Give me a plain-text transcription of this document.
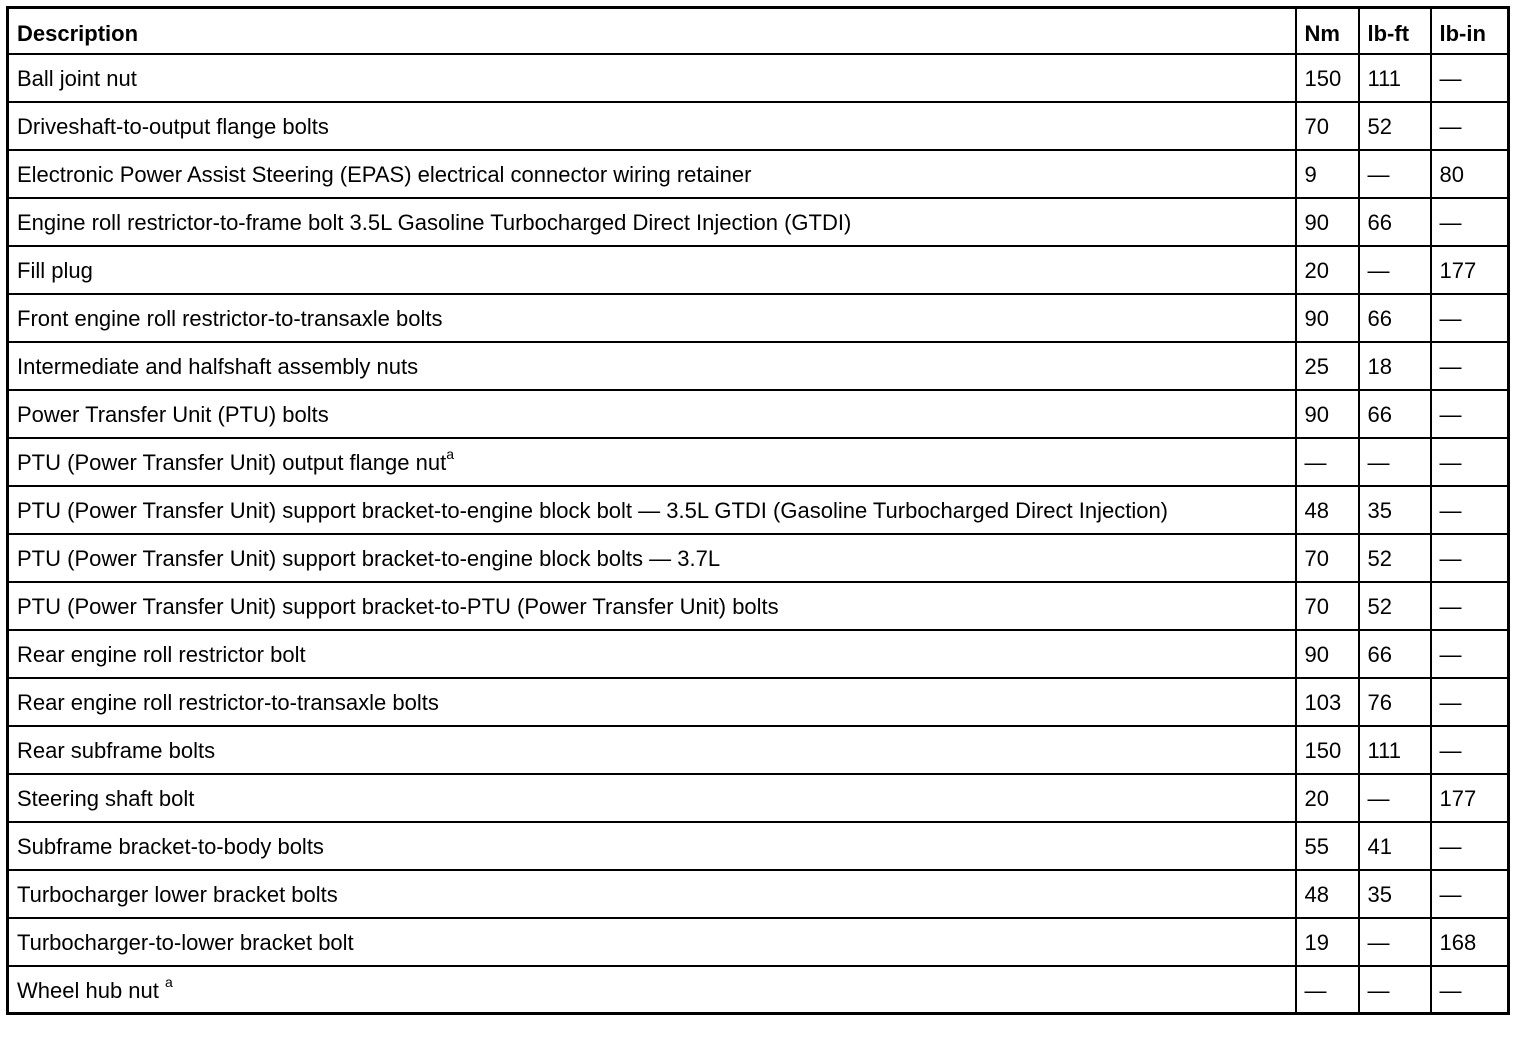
Description	Nm	lb-ft	lb-in
Ball joint nut	150	111	—
Driveshaft-to-output flange bolts	70	52	—
Electronic Power Assist Steering (EPAS) electrical connector wiring retainer	9	—	80
Engine roll restrictor-to-frame bolt 3.5L Gasoline Turbocharged Direct Injection (GTDI)	90	66	—
Fill plug	20	—	177
Front engine roll restrictor-to-transaxle bolts	90	66	—
Intermediate and halfshaft assembly nuts	25	18	—
Power Transfer Unit (PTU) bolts	90	66	—
PTU (Power Transfer Unit) output flange nut$^a$	—	—	—
PTU (Power Transfer Unit) support bracket-to-engine block bolt — 3.5L GTDI (Gasoline Turbocharged Direct Injection)	48	35	—
PTU (Power Transfer Unit) support bracket-to-engine block bolts — 3.7L	70	52	—
PTU (Power Transfer Unit) support bracket-to-PTU (Power Transfer Unit) bolts	70	52	—
Rear engine roll restrictor bolt	90	66	—
Rear engine roll restrictor-to-transaxle bolts	103	76	—
Rear subframe bolts	150	111	—
Steering shaft bolt	20	—	177
Subframe bracket-to-body bolts	55	41	—
Turbocharger lower bracket bolts	48	35	—
Turbocharger-to-lower bracket bolt	19	—	168
Wheel hub nut $^a$	—	—	—
